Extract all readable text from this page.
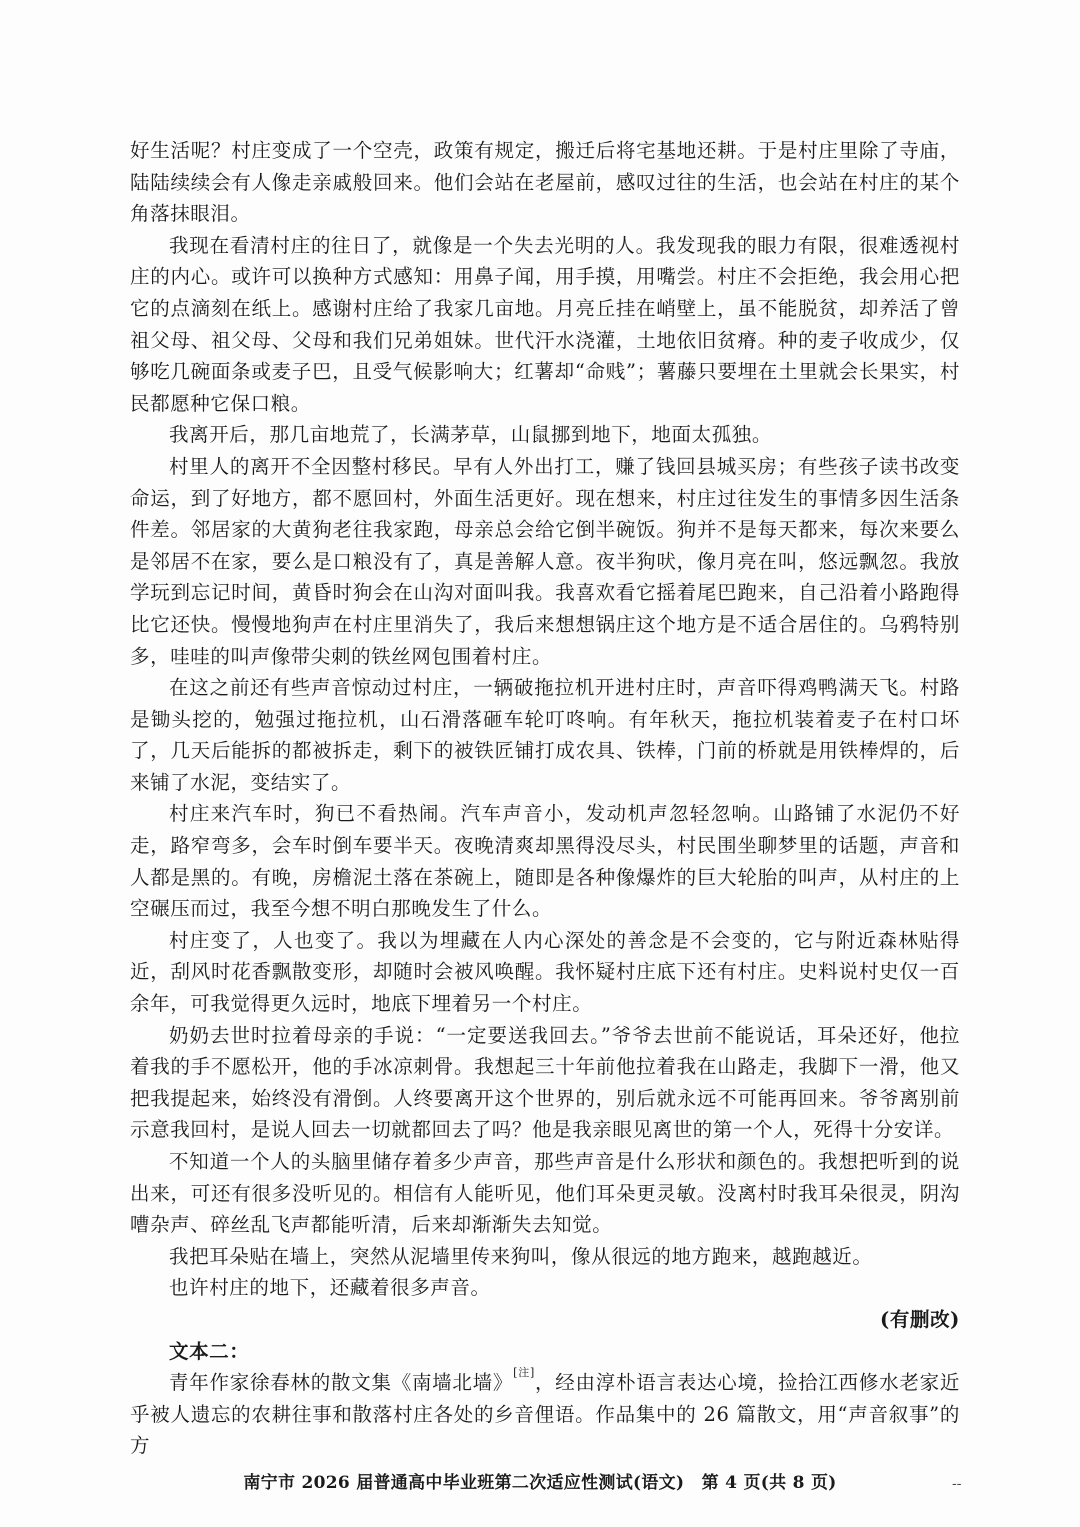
好生活呢？村庄变成了一个空壳，政策有规定，搬迁后将宅基地还耕。于是村庄里除了寺庙，陆陆续续会有人像走亲戚般回来。他们会站在老屋前，感叹过往的生活，也会站在村庄的某个角落抹眼泪。

我现在看清村庄的往日了，就像是一个失去光明的人。我发现我的眼力有限，很难透视村庄的内心。或许可以换种方式感知：用鼻子闻，用手摸，用嘴尝。村庄不会拒绝，我会用心把它的点滴刻在纸上。感谢村庄给了我家几亩地。月亮丘挂在峭壁上，虽不能脱贫，却养活了曾祖父母、祖父母、父母和我们兄弟姐妹。世代汗水浇灌，土地依旧贫瘠。种的麦子收成少，仅够吃几碗面条或麦子巴，且受气候影响大；红薯却“命贱”；薯藤只要埋在土里就会长果实，村民都愿种它保口粮。

我离开后，那几亩地荒了，长满茅草，山鼠挪到地下，地面太孤独。

村里人的离开不全因整村移民。早有人外出打工，赚了钱回县城买房；有些孩子读书改变命运，到了好地方，都不愿回村，外面生活更好。现在想来，村庄过往发生的事情多因生活条件差。邻居家的大黄狗老往我家跑，母亲总会给它倒半碗饭。狗并不是每天都来，每次来要么是邻居不在家，要么是口粮没有了，真是善解人意。夜半狗吠，像月亮在叫，悠远飘忽。我放学玩到忘记时间，黄昏时狗会在山沟对面叫我。我喜欢看它摇着尾巴跑来，自己沿着小路跑得比它还快。慢慢地狗声在村庄里消失了，我后来想想锅庄这个地方是不适合居住的。乌鸦特别多，哇哇的叫声像带尖刺的铁丝网包围着村庄。

在这之前还有些声音惊动过村庄，一辆破拖拉机开进村庄时，声音吓得鸡鸭满天飞。村路是锄头挖的，勉强过拖拉机，山石滑落砸车轮叮咚响。有年秋天，拖拉机装着麦子在村口坏了，几天后能拆的都被拆走，剩下的被铁匠铺打成农具、铁棒，门前的桥就是用铁棒焊的，后来铺了水泥，变结实了。

村庄来汽车时，狗已不看热闹。汽车声音小，发动机声忽轻忽响。山路铺了水泥仍不好走，路窄弯多，会车时倒车要半天。夜晚清爽却黑得没尽头，村民围坐聊梦里的话题，声音和人都是黑的。有晚，房檐泥土落在茶碗上，随即是各种像爆炸的巨大轮胎的叫声，从村庄的上空碾压而过，我至今想不明白那晚发生了什么。

村庄变了，人也变了。我以为埋藏在人内心深处的善念是不会变的，它与附近森林贴得近，刮风时花香飘散变形，却随时会被风唤醒。我怀疑村庄底下还有村庄。史料说村史仅一百余年，可我觉得更久远时，地底下埋着另一个村庄。

奶奶去世时拉着母亲的手说：“一定要送我回去。”爷爷去世前不能说话，耳朵还好，他拉着我的手不愿松开，他的手冰凉刺骨。我想起三十年前他拉着我在山路走，我脚下一滑，他又把我提起来，始终没有滑倒。人终要离开这个世界的，别后就永远不可能再回来。爷爷离别前示意我回村，是说人回去一切就都回去了吗？他是我亲眼见离世的第一个人，死得十分安详。

不知道一个人的头脑里储存着多少声音，那些声音是什么形状和颜色的。我想把听到的说出来，可还有很多没听见的。相信有人能听见，他们耳朵更灵敏。没离村时我耳朵很灵，阴沟嘈杂声、碎丝乱飞声都能听清，后来却渐渐失去知觉。

我把耳朵贴在墙上，突然从泥墙里传来狗叫，像从很远的地方跑来，越跑越近。

也许村庄的地下，还藏着很多声音。

(有删改)

文本二：

青年作家徐春林的散文集《南墙北墙》[注]，经由淳朴语言表达心境，捡拾江西修水老家近乎被人遗忘的农耕往事和散落村庄各处的乡音俚语。作品集中的 26 篇散文，用“声音叙事”的方

南宁市 2026 届普通高中毕业班第二次适应性测试(语文)　第 4 页(共 8 页)	--
